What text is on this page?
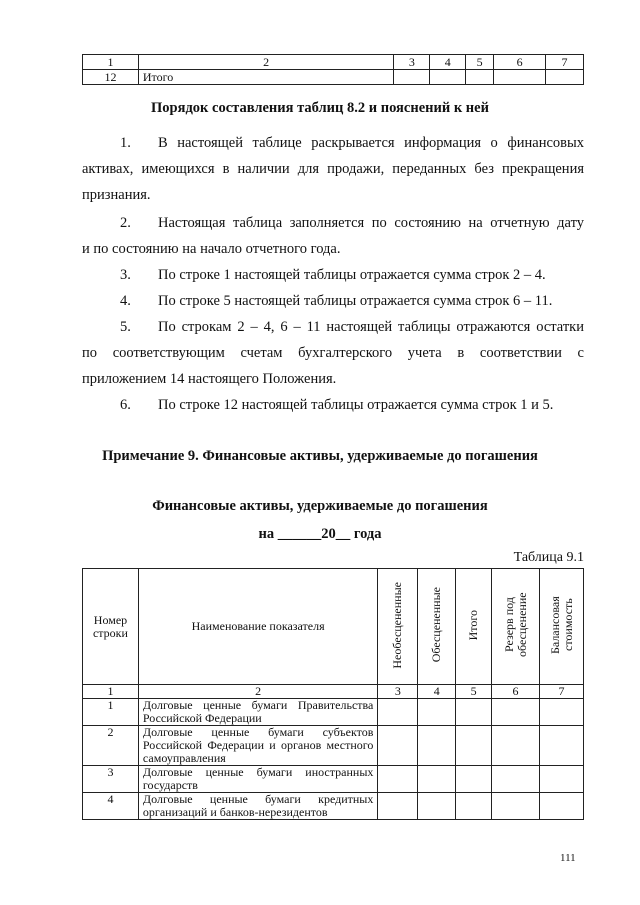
1	2	3	4	5	6	7
12	Итого					
Порядок составления таблиц 8.2 и пояснений к ней
1. В настоящей таблице раскрывается информация о финансовых
активах, имеющихся в наличии для продажи, переданных без прекращения
признания.
2. Настоящая таблица заполняется по состоянию на отчетную дату
и по состоянию на начало отчетного года.
3. По строке 1 настоящей таблицы отражается сумма строк 2 – 4.
4. По строке 5 настоящей таблицы отражается сумма строк 6 – 11.
5. По строкам 2 – 4, 6 – 11 настоящей таблицы отражаются остатки
по соответствующим счетам бухгалтерского учета в соответствии с
приложением 14 настоящего Положения.
6. По строке 12 настоящей таблицы отражается сумма строк 1 и 5.
Примечание 9. Финансовые активы, удерживаемые до погашения
Финансовые активы, удерживаемые до погашения
на ______20__ года
Таблица 9.1
Номер строки	Наименование показателя	Необесцененные	Обесцененные	Итого	Резерв под обесценение	Балансовая стоимость
1	2	3	4	5	6	7
1	Долговые ценные бумаги Правительства Российской Федерации					
2	Долговые ценные бумаги субъектов Российской Федерации и органов местного самоуправления					
3	Долговые ценные бумаги иностранных государств					
4	Долговые ценные бумаги кредитных организаций и банков-нерезидентов					
111
